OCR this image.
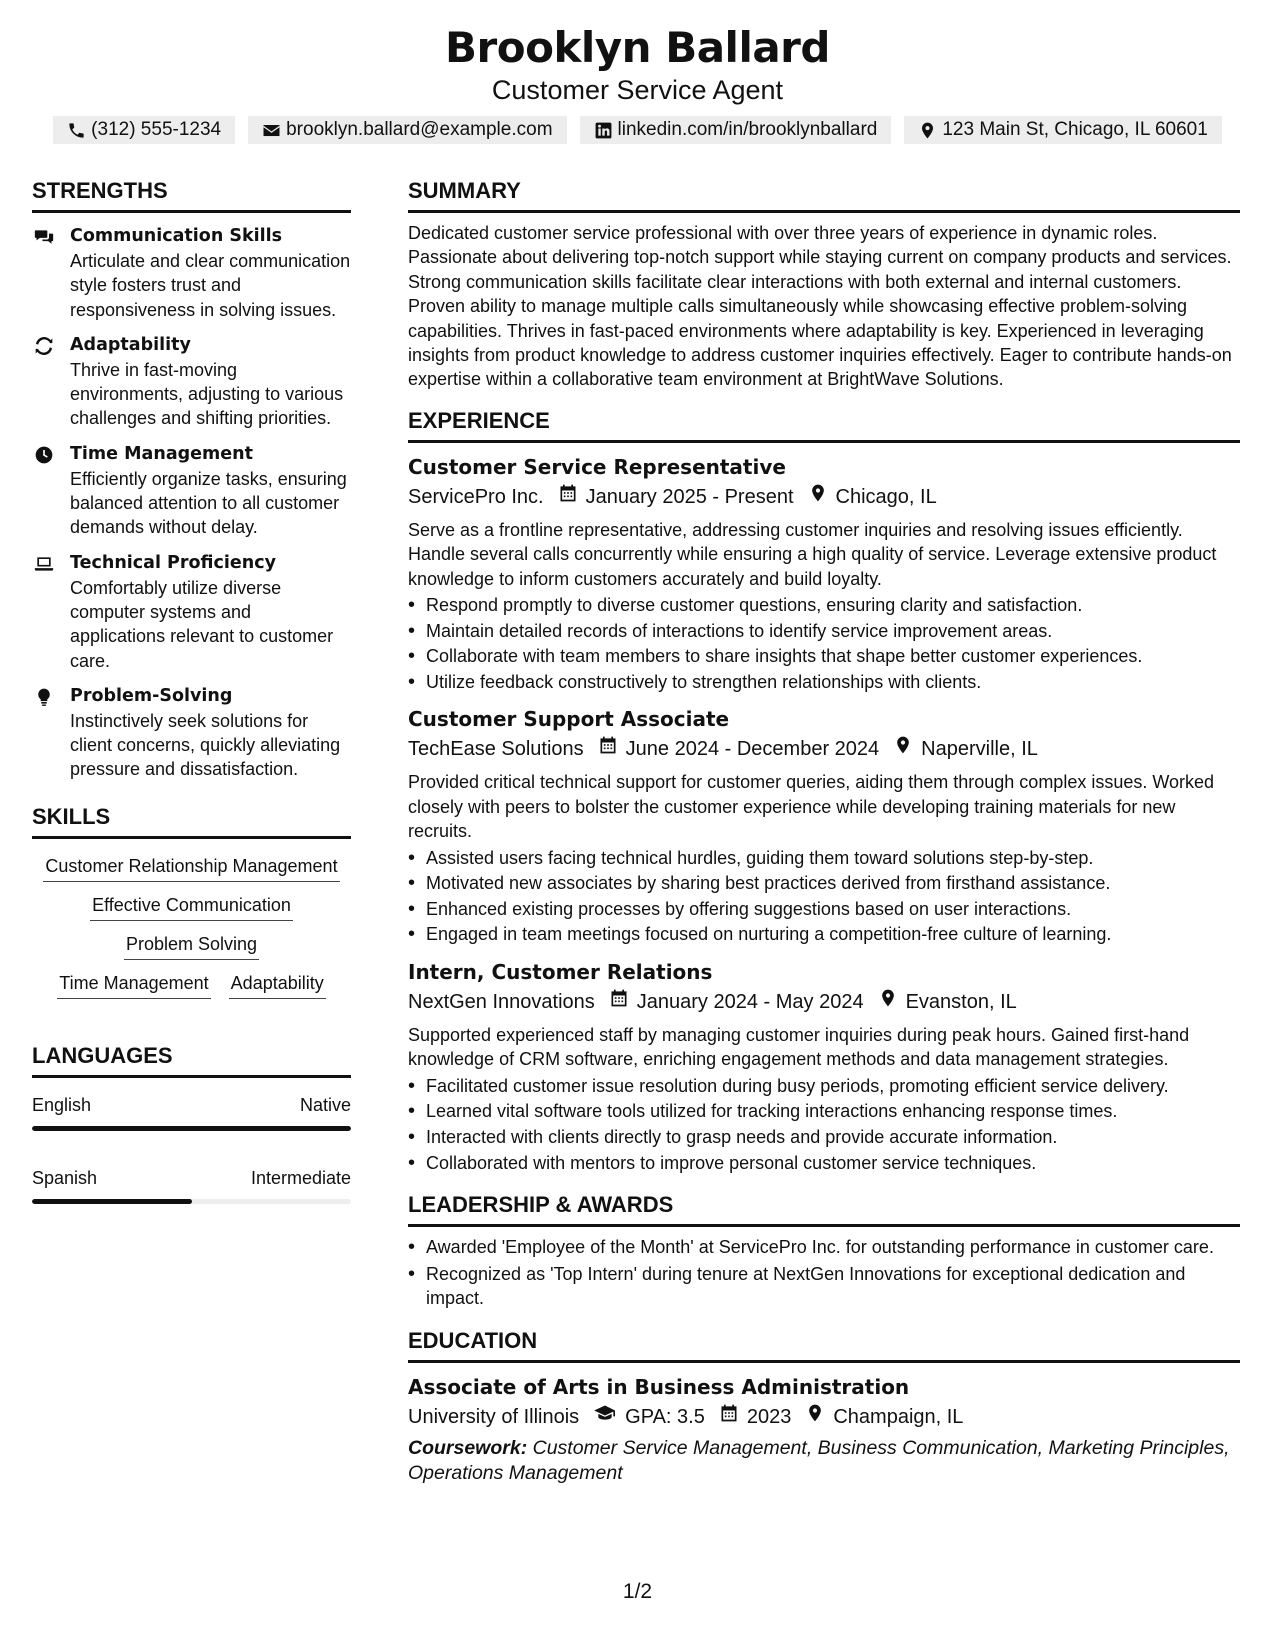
Brooklyn Ballard
Customer Service Agent
(312) 555-1234	brooklyn.ballard@example.com	linkedin.com/in/brooklynballard	123 Main St, Chicago, IL 60601
STRENGTHS
Communication Skills
Articulate and clear communication style fosters trust and responsiveness in solving issues.
Adaptability
Thrive in fast-moving environments, adjusting to various challenges and shifting priorities.
Time Management
Efficiently organize tasks, ensuring balanced attention to all customer demands without delay.
Technical Proficiency
Comfortably utilize diverse computer systems and applications relevant to customer care.
Problem-Solving
Instinctively seek solutions for client concerns, quickly alleviating pressure and dissatisfaction.
SKILLS
Customer Relationship Management
Effective Communication
Problem Solving
Time Management Adaptability
LANGUAGES
English	Native
Spanish	Intermediate
SUMMARY
Dedicated customer service professional with over three years of experience in dynamic roles. Passionate about delivering top-notch support while staying current on company products and services. Strong communication skills facilitate clear interactions with both external and internal customers. Proven ability to manage multiple calls simultaneously while showcasing effective problem-solving capabilities. Thrives in fast-paced environments where adaptability is key. Experienced in leveraging insights from product knowledge to address customer inquiries effectively. Eager to contribute hands-on expertise within a collaborative team environment at BrightWave Solutions.
EXPERIENCE
Customer Service Representative
ServicePro Inc. January 2025 - Present Chicago, IL
Serve as a frontline representative, addressing customer inquiries and resolving issues efficiently. Handle several calls concurrently while ensuring a high quality of service. Leverage extensive product knowledge to inform customers accurately and build loyalty.
• Respond promptly to diverse customer questions, ensuring clarity and satisfaction.
• Maintain detailed records of interactions to identify service improvement areas.
• Collaborate with team members to share insights that shape better customer experiences.
• Utilize feedback constructively to strengthen relationships with clients.
Customer Support Associate
TechEase Solutions June 2024 - December 2024 Naperville, IL
Provided critical technical support for customer queries, aiding them through complex issues. Worked closely with peers to bolster the customer experience while developing training materials for new recruits.
• Assisted users facing technical hurdles, guiding them toward solutions step-by-step.
• Motivated new associates by sharing best practices derived from firsthand assistance.
• Enhanced existing processes by offering suggestions based on user interactions.
• Engaged in team meetings focused on nurturing a competition-free culture of learning.
Intern, Customer Relations
NextGen Innovations January 2024 - May 2024 Evanston, IL
Supported experienced staff by managing customer inquiries during peak hours. Gained first-hand knowledge of CRM software, enriching engagement methods and data management strategies.
• Facilitated customer issue resolution during busy periods, promoting efficient service delivery.
• Learned vital software tools utilized for tracking interactions enhancing response times.
• Interacted with clients directly to grasp needs and provide accurate information.
• Collaborated with mentors to improve personal customer service techniques.
LEADERSHIP & AWARDS
• Awarded 'Employee of the Month' at ServicePro Inc. for outstanding performance in customer care.
• Recognized as 'Top Intern' during tenure at NextGen Innovations for exceptional dedication and impact.
EDUCATION
Associate of Arts in Business Administration
University of Illinois GPA: 3.5 2023 Champaign, IL
Coursework: Customer Service Management, Business Communication, Marketing Principles, Operations Management
1/2
